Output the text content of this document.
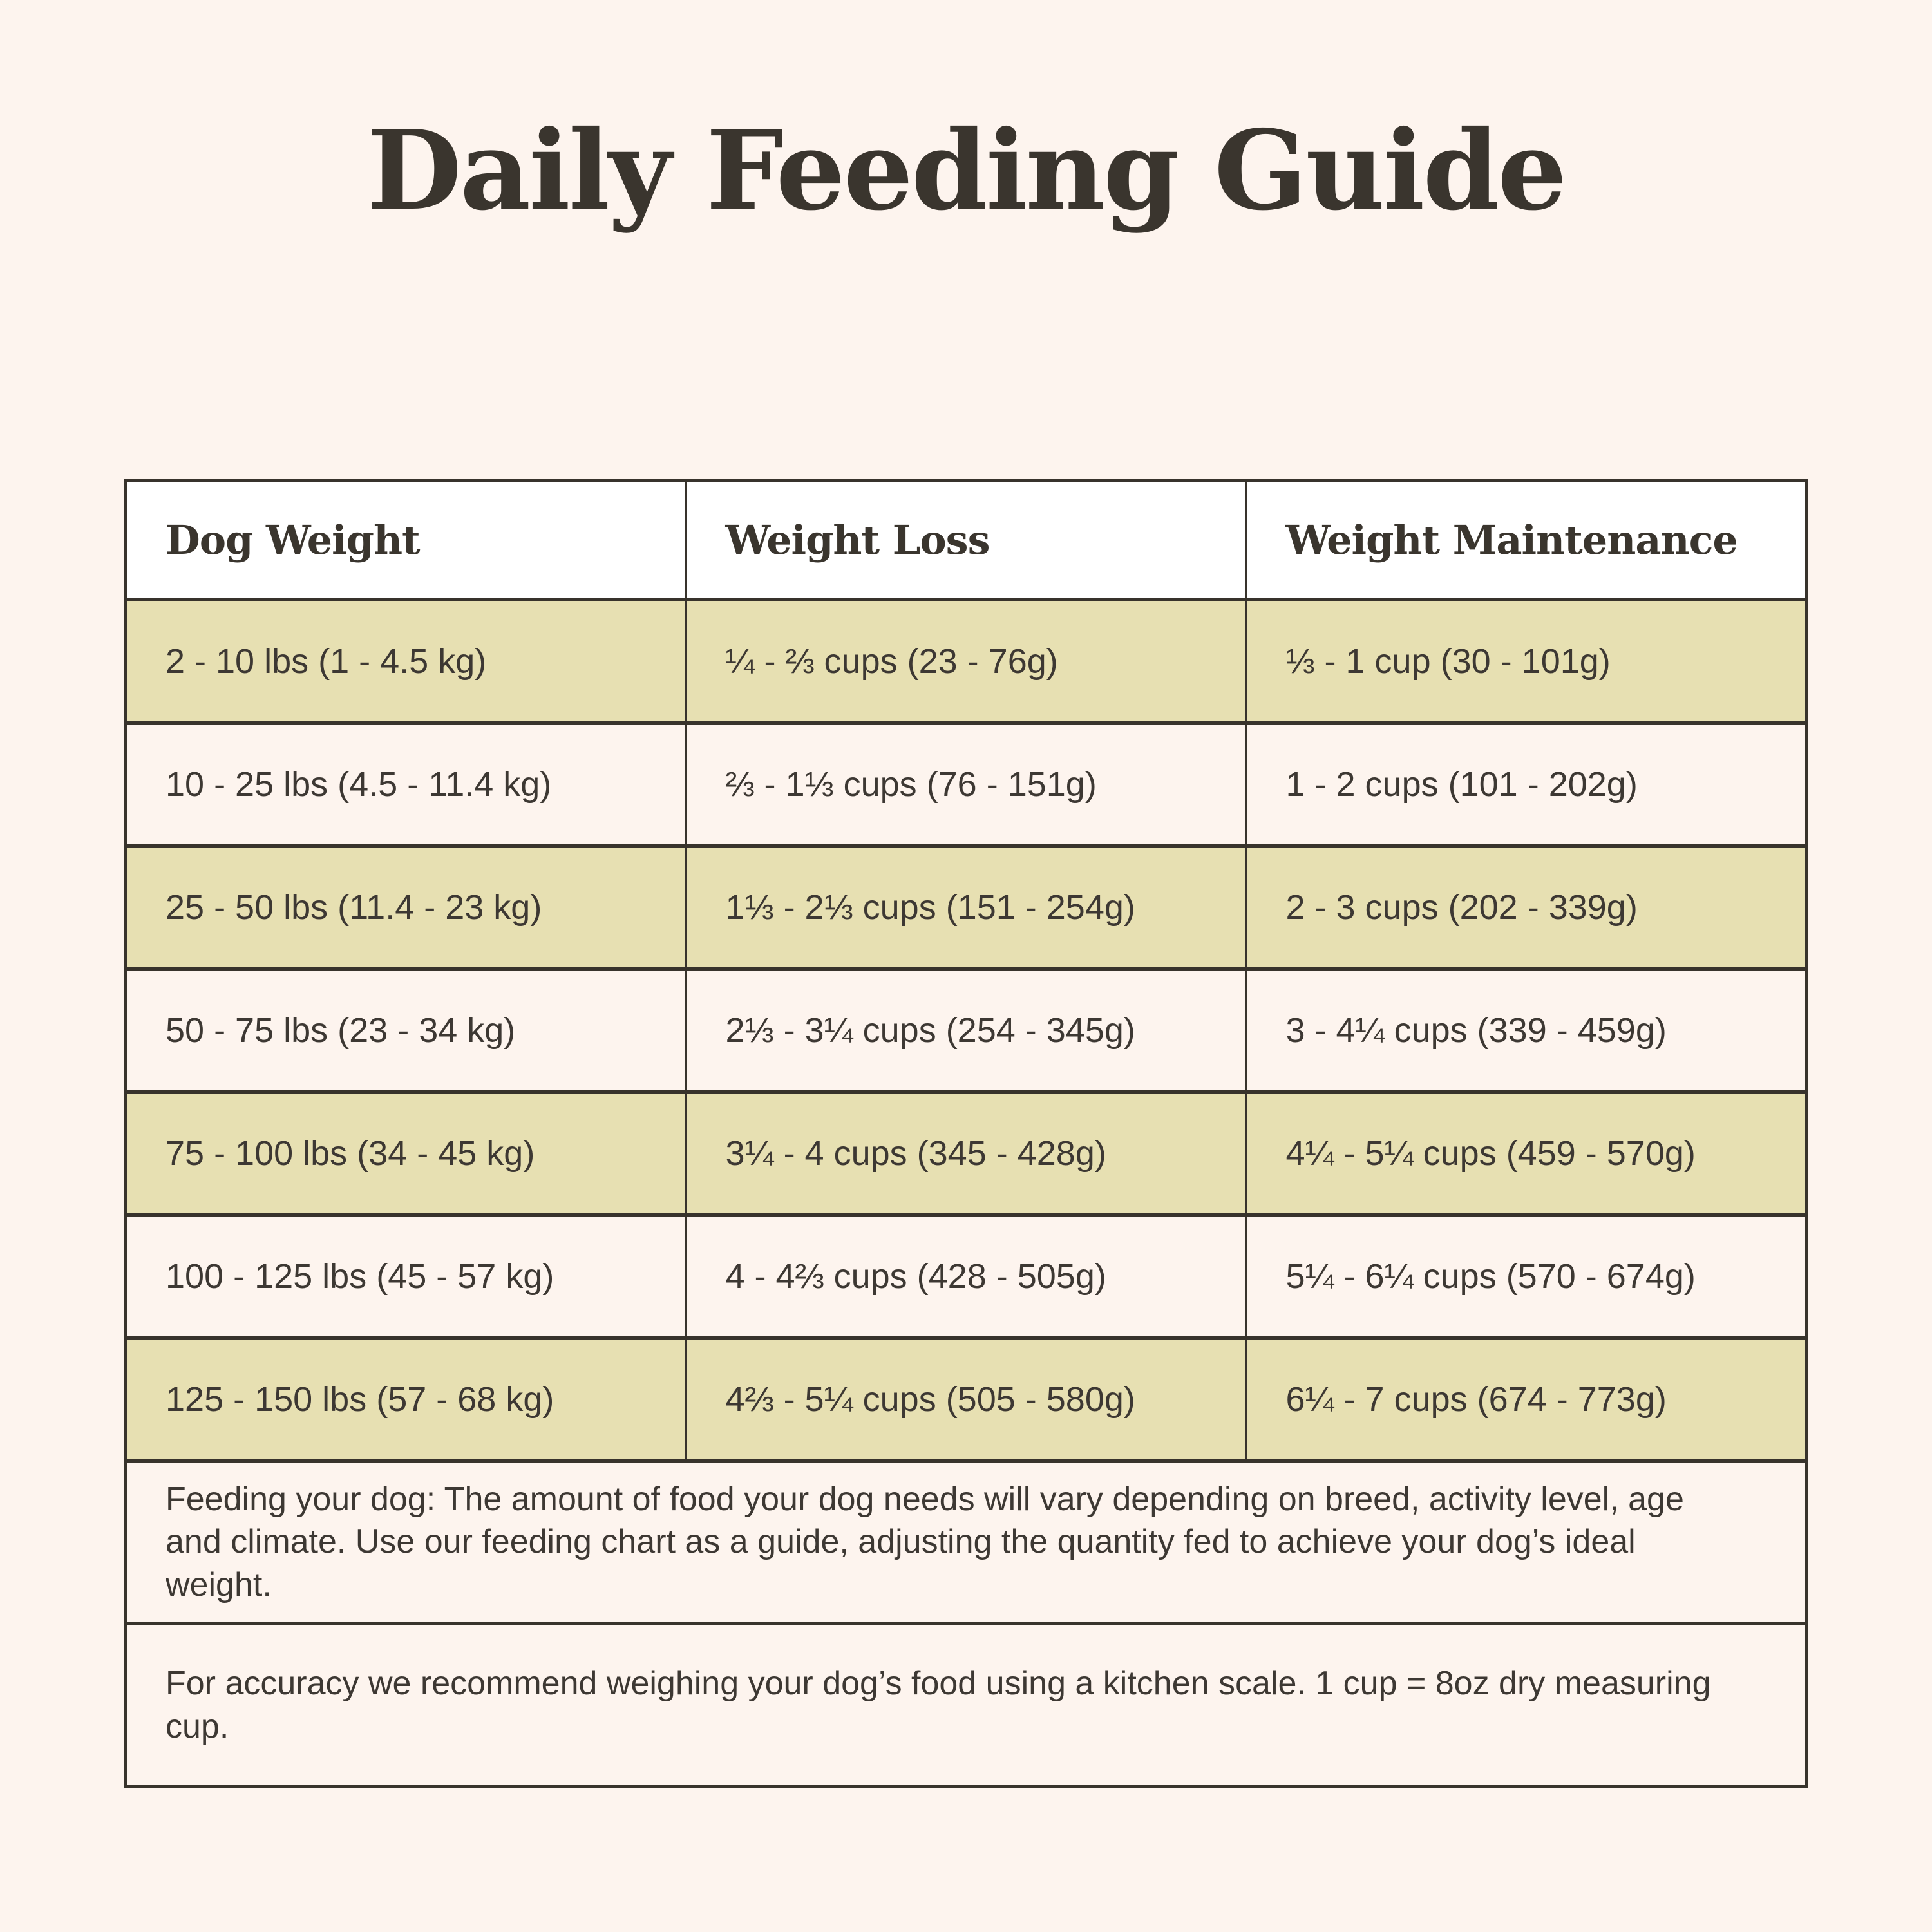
Daily Feeding Guide
Dog Weight	Weight Loss	Weight Maintenance
2 - 10 lbs (1 - 4.5 kg)	¼ - ⅔ cups (23 - 76g)	⅓ - 1 cup (30 - 101g)
10 - 25 lbs (4.5 - 11.4 kg)	⅔ - 1⅓ cups (76 - 151g)	1 - 2 cups (101 - 202g)
25 - 50 lbs (11.4 - 23 kg)	1⅓ - 2⅓ cups (151 - 254g)	2 - 3 cups (202 - 339g)
50 - 75 lbs (23 - 34 kg)	2⅓ - 3¼ cups (254 - 345g)	3 - 4¼ cups (339 - 459g)
75 - 100 lbs (34 - 45 kg)	3¼ - 4 cups (345 - 428g)	4¼ - 5¼ cups (459 - 570g)
100 - 125 lbs (45 - 57 kg)	4 - 4⅔ cups (428 - 505g)	5¼ - 6¼ cups (570 - 674g)
125 - 150 lbs (57 - 68 kg)	4⅔ - 5¼ cups (505 - 580g)	6¼ - 7 cups (674 - 773g)
Feeding your dog: The amount of food your dog needs will vary depending on breed, activity level, age and climate. Use our feeding chart as a guide, adjusting the quantity fed to achieve your dog’s ideal weight.		
For accuracy we recommend weighing your dog’s food using a kitchen scale. 1 cup = 8oz dry measuring cup.		
